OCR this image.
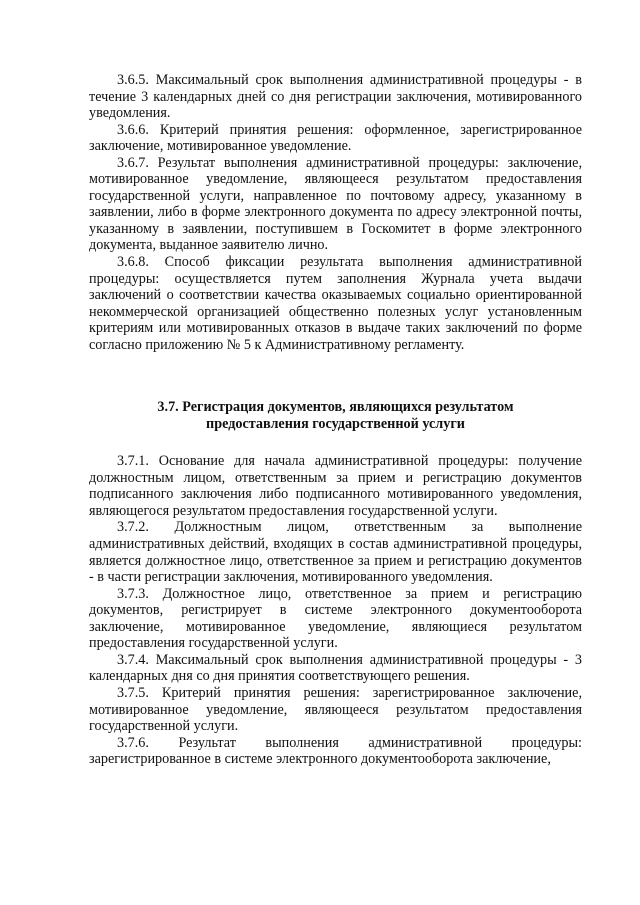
3.6.5. Максимальный срок выполнения административной процедуры - в течение 3 календарных дней со дня регистрации заключения, мотивированного уведомления.

3.6.6. Критерий принятия решения: оформленное, зарегистрированное заключение, мотивированное уведомление.

3.6.7. Результат выполнения административной процедуры: заключение, мотивированное уведомление, являющееся результатом предоставления государственной услуги, направленное по почтовому адресу, указанному в заявлении, либо в форме электронного документа по адресу электронной почты, указанному в заявлении, поступившем в Госкомитет в форме электронного документа, выданное заявителю лично.

3.6.8. Способ фиксации результата выполнения административной процедуры: осуществляется путем заполнения Журнала учета выдачи заключений о соответствии качества оказываемых социально ориентированной некоммерческой организацией общественно полезных услуг установленным критериям или мотивированных отказов в выдаче таких заключений по форме согласно приложению № 5 к Административному регламенту.

3.7. Регистрация документов, являющихся результатом
предоставления государственной услуги

3.7.1. Основание для начала административной процедуры: получение должностным лицом, ответственным за прием и регистрацию документов подписанного заключения либо подписанного мотивированного уведомления, являющегося результатом предоставления государственной услуги.

3.7.2. Должностным лицом, ответственным за выполнение административных действий, входящих в состав административной процедуры, является должностное лицо, ответственное за прием и регистрацию документов - в части регистрации заключения, мотивированного уведомления.

3.7.3. Должностное лицо, ответственное за прием и регистрацию документов, регистрирует в системе электронного документооборота заключение, мотивированное уведомление, являющиеся результатом предоставления государственной услуги.

3.7.4. Максимальный срок выполнения административной процедуры - 3 календарных дня со дня принятия соответствующего решения.

3.7.5. Критерий принятия решения: зарегистрированное заключение, мотивированное уведомление, являющееся результатом предоставления государственной услуги.

3.7.6. Результат выполнения административной процедуры: зарегистрированное в системе электронного документооборота заключение,
